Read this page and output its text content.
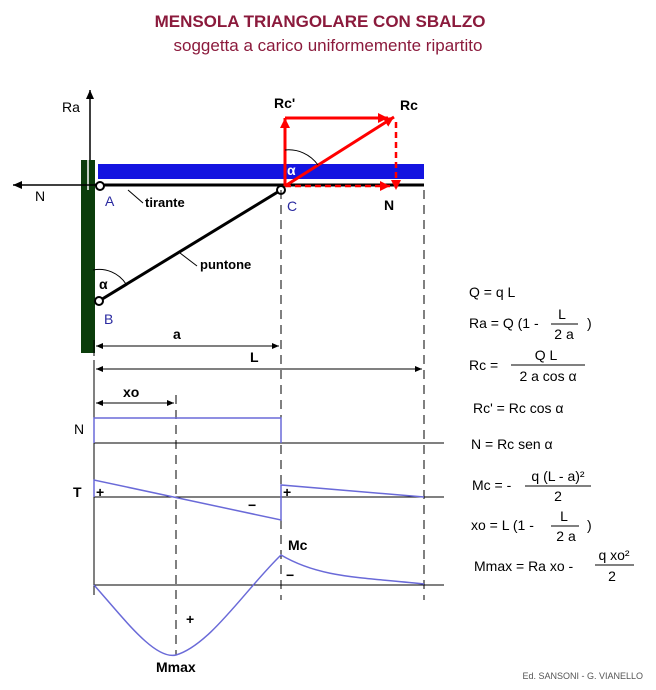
MENSOLA TRIANGOLARE CON SBALZO
soggetta a carico uniformemente ripartito
Ra
N	A
B
C
tirante
puntone
α
Rc'	Rc
N
α
a
L
xo
N
T +
−
+
Mc
−
+
Mmax
Q = q L
Ra = Q (1 -
L
2 a
)
Rc =
Q L
2 a cos α
Rc' = Rc cos α
N = Rc sen α
Mc = -
q (L - a)²
2
xo = L (1 -
L
2 a
)
Mmax = Ra xo -
q xo²
2
Ed. SANSONI - G. VIANELLO
